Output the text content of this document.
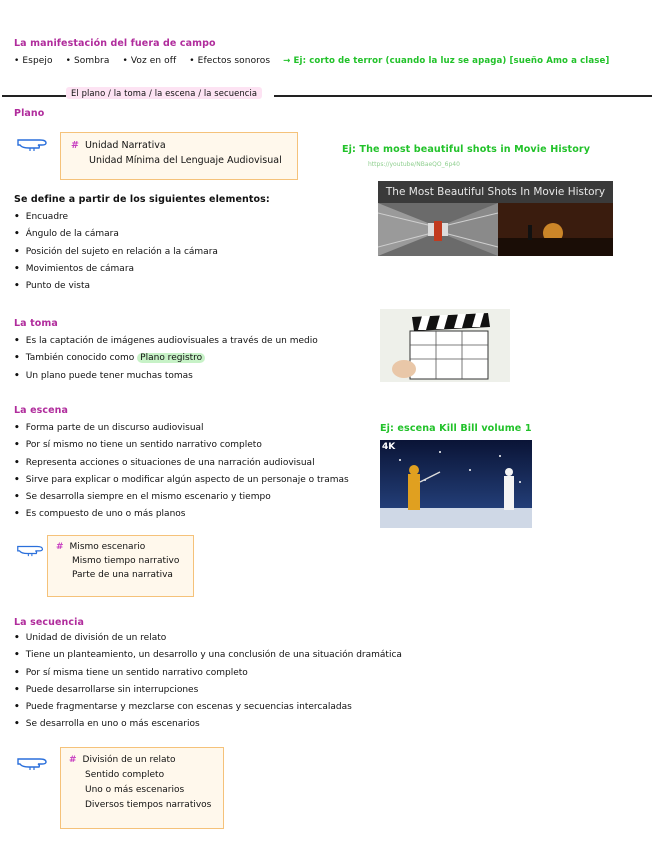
La manifestación del fuera de campo
• Espejo • Sombra • Voz en off • Efectos sonoros → Ej: corto de terror (cuando la luz se apaga) [sueño Amo a clase]
El plano / la toma / la escena / la secuencia
Plano
# Unidad Narrativa
Unidad Mínima del Lenguaje Audiovisual
Se define a partir de los siguientes elementos:
• Encuadre
• Ángulo de la cámara
• Posición del sujeto en relación a la cámara
• Movimientos de cámara
• Punto de vista
Ej: The most beautiful shots in Movie History
https://youtube/NBaeQO_6p40
The Most Beautiful Shots In Movie History
La toma
• Es la captación de imágenes audiovisuales a través de un medio
• También conocido como Plano registro
• Un plano puede tener muchas tomas
La escena
• Forma parte de un discurso audiovisual
• Por sí mismo no tiene un sentido narrativo completo
• Representa acciones o situaciones de una narración audiovisual
• Sirve para explicar o modificar algún aspecto de un personaje o tramas
• Se desarrolla siempre en el mismo escenario y tiempo
• Es compuesto de uno o más planos
Ej: escena Kill Bill volume 1
4K
# Mismo escenario
Mismo tiempo narrativo
Parte de una narrativa
La secuencia
• Unidad de división de un relato
• Tiene un planteamiento, un desarrollo y una conclusión de una situación dramática
• Por sí misma tiene un sentido narrativo completo
• Puede desarrollarse sin interrupciones
• Puede fragmentarse y mezclarse con escenas y secuencias intercaladas
• Se desarrolla en uno o más escenarios
# División de un relato
Sentido completo
Uno o más escenarios
Diversos tiempos narrativos
